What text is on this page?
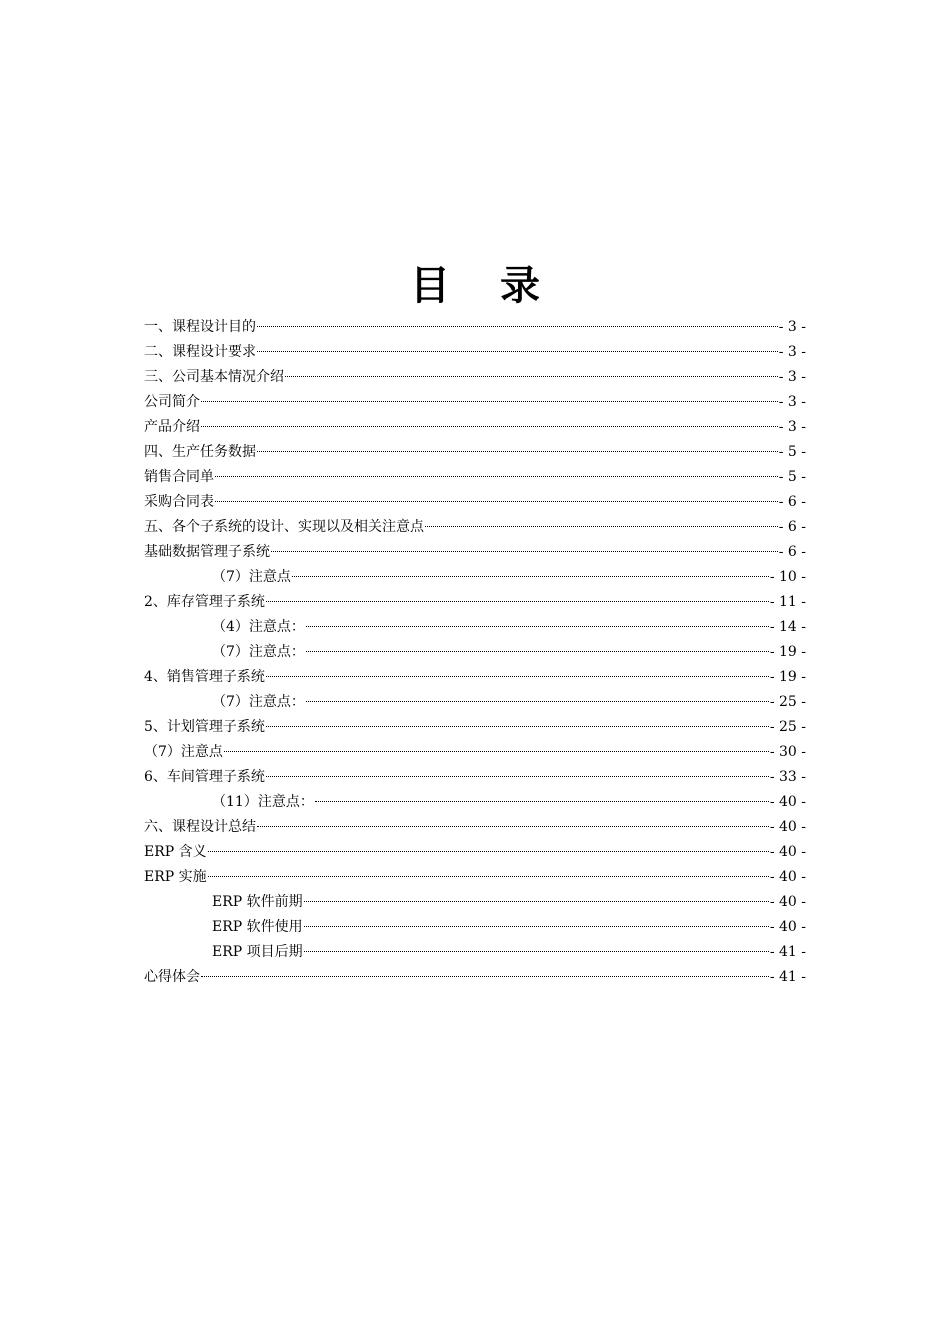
目 录
一、课程设计目的	- 3 -
二、课程设计要求	- 3 -
三、公司基本情况介绍	- 3 -
公司简介	- 3 -
产品介绍	- 3 -
四、生产任务数据	- 5 -
销售合同单	- 5 -
采购合同表	- 6 -
五、各个子系统的设计、实现以及相关注意点	- 6 -
基础数据管理子系统	- 6 -
（7）注意点	- 10 -
2、库存管理子系统	- 11 -
（4）注意点：	- 14 -
（7）注意点：	- 19 -
4、销售管理子系统	- 19 -
（7）注意点：	- 25 -
5、计划管理子系统	- 25 -
（7）注意点	- 30 -
6、车间管理子系统	- 33 -
（11）注意点：	- 40 -
六、课程设计总结	- 40 -
ERP 含义	- 40 -
ERP 实施	- 40 -
ERP 软件前期	- 40 -
ERP 软件使用	- 40 -
ERP 项目后期	- 41 -
心得体会	- 41 -
